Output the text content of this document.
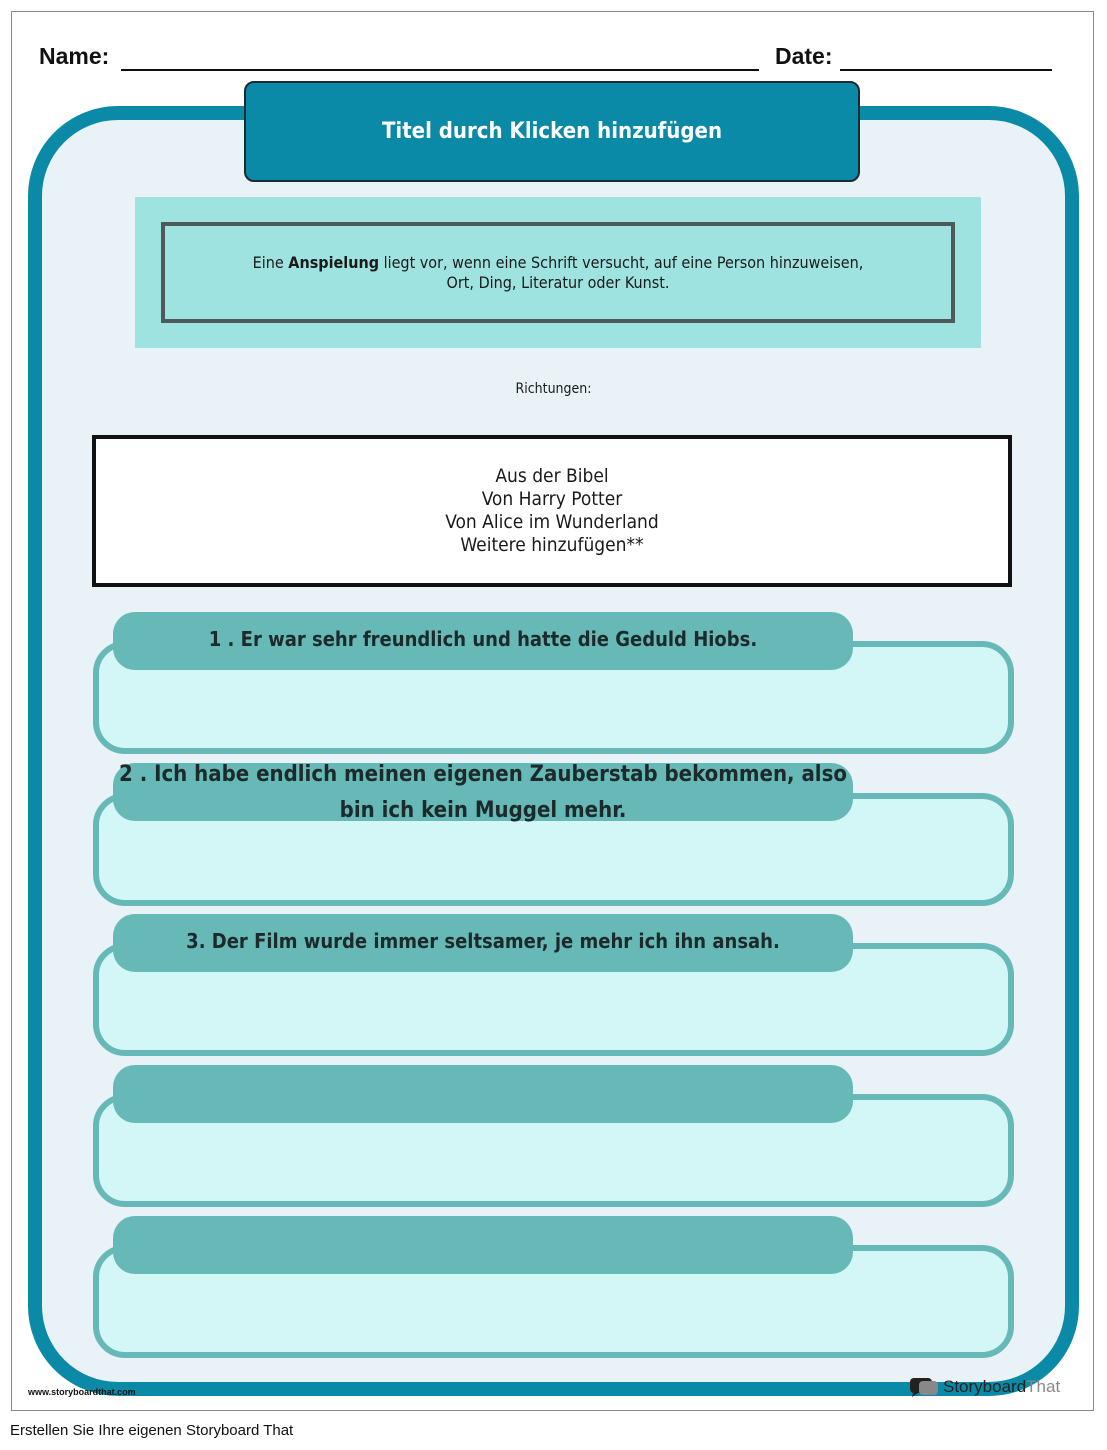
Name:	Date:
Titel durch Klicken hinzufügen
Eine Anspielung liegt vor, wenn eine Schrift versucht, auf eine Person hinzuweisen,
Ort, Ding, Literatur oder Kunst.
Richtungen:
Aus der Bibel
Von Harry Potter
Von Alice im Wunderland
Weitere hinzufügen**
1 . Er war sehr freundlich und hatte die Geduld Hiobs.
2 . Ich habe endlich meinen eigenen Zauberstab bekommen, also bin ich kein Muggel mehr.
3. Der Film wurde immer seltsamer, je mehr ich ihn ansah.
www.storyboardthat.com	StoryboardThat
Erstellen Sie Ihre eigenen Storyboard That
